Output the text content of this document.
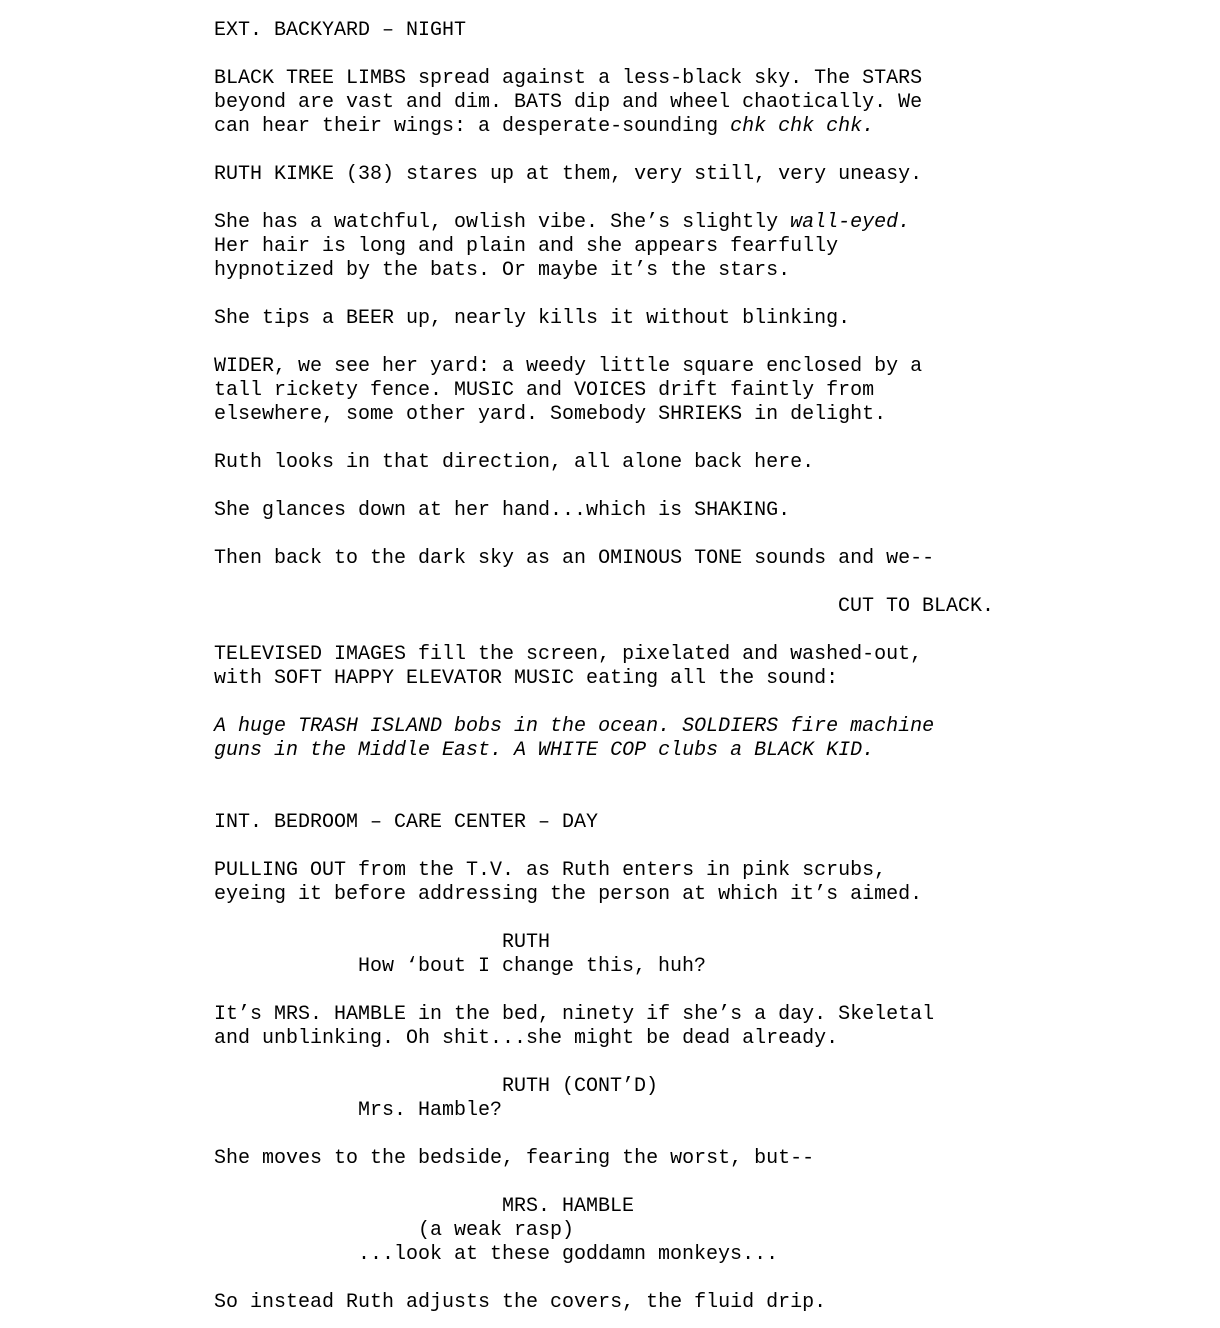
EXT. BACKYARD – NIGHT
BLACK TREE LIMBS spread against a less-black sky. The STARS
beyond are vast and dim. BATS dip and wheel chaotically. We
can hear their wings: a desperate-sounding chk chk chk.
RUTH KIMKE (38) stares up at them, very still, very uneasy.
She has a watchful, owlish vibe. She’s slightly wall-eyed.
Her hair is long and plain and she appears fearfully
hypnotized by the bats. Or maybe it’s the stars.
She tips a BEER up, nearly kills it without blinking.
WIDER, we see her yard: a weedy little square enclosed by a
tall rickety fence. MUSIC and VOICES drift faintly from
elsewhere, some other yard. Somebody SHRIEKS in delight.
Ruth looks in that direction, all alone back here.
She glances down at her hand...which is SHAKING.
Then back to the dark sky as an OMINOUS TONE sounds and we--
CUT TO BLACK.
TELEVISED IMAGES fill the screen, pixelated and washed-out,
with SOFT HAPPY ELEVATOR MUSIC eating all the sound:
A huge TRASH ISLAND bobs in the ocean. SOLDIERS fire machine
guns in the Middle East. A WHITE COP clubs a BLACK KID.
INT. BEDROOM – CARE CENTER – DAY
PULLING OUT from the T.V. as Ruth enters in pink scrubs,
eyeing it before addressing the person at which it’s aimed.
RUTH
How ‘bout I change this, huh?
It’s MRS. HAMBLE in the bed, ninety if she’s a day. Skeletal
and unblinking. Oh shit...she might be dead already.
RUTH (CONT’D)
Mrs. Hamble?
She moves to the bedside, fearing the worst, but--
MRS. HAMBLE
(a weak rasp)
...look at these goddamn monkeys...
So instead Ruth adjusts the covers, the fluid drip.
